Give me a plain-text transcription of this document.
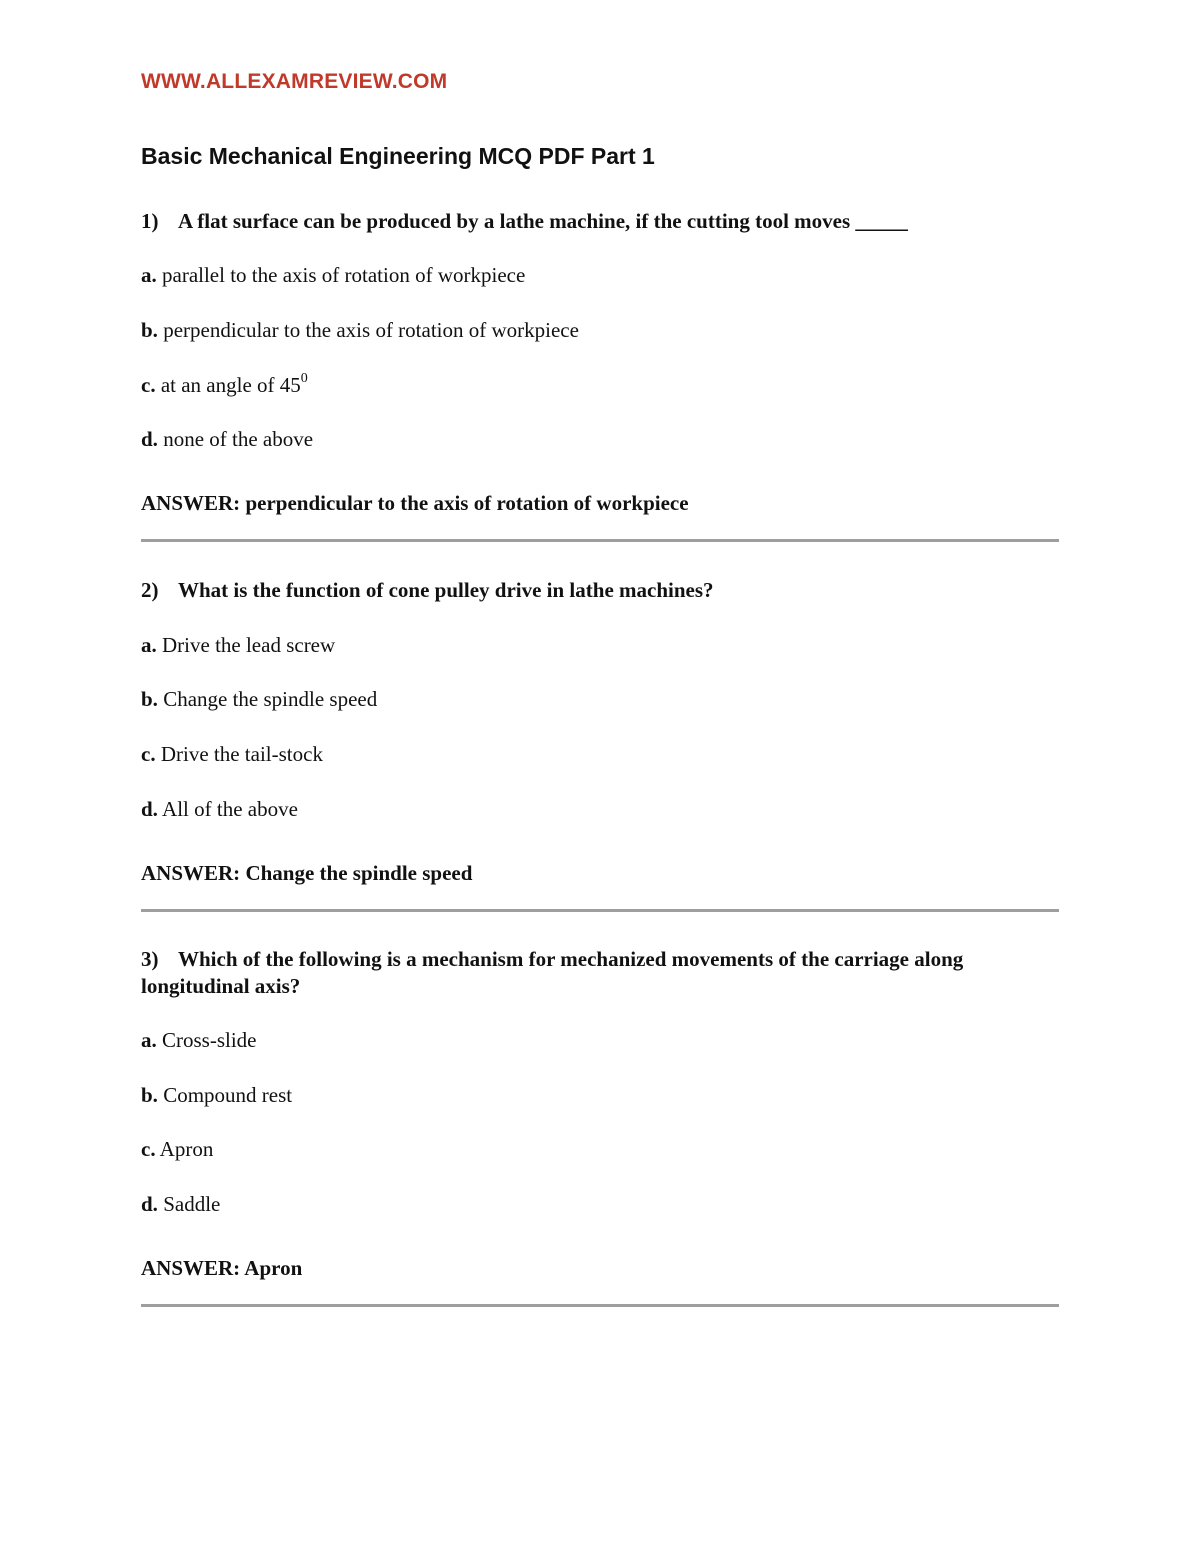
WWW.ALLEXAMREVIEW.COM
Basic Mechanical Engineering MCQ PDF Part 1
1) A flat surface can be produced by a lathe machine, if the cutting tool moves _____
a. parallel to the axis of rotation of workpiece
b. perpendicular to the axis of rotation of workpiece
c. at an angle of $45^0$
d. none of the above
ANSWER: perpendicular to the axis of rotation of workpiece
2) What is the function of cone pulley drive in lathe machines?
a. Drive the lead screw
b. Change the spindle speed
c. Drive the tail-stock
d. All of the above
ANSWER: Change the spindle speed
3) Which of the following is a mechanism for mechanized movements of the carriage along longitudinal axis?
a. Cross-slide
b. Compound rest
c. Apron
d. Saddle
ANSWER: Apron
